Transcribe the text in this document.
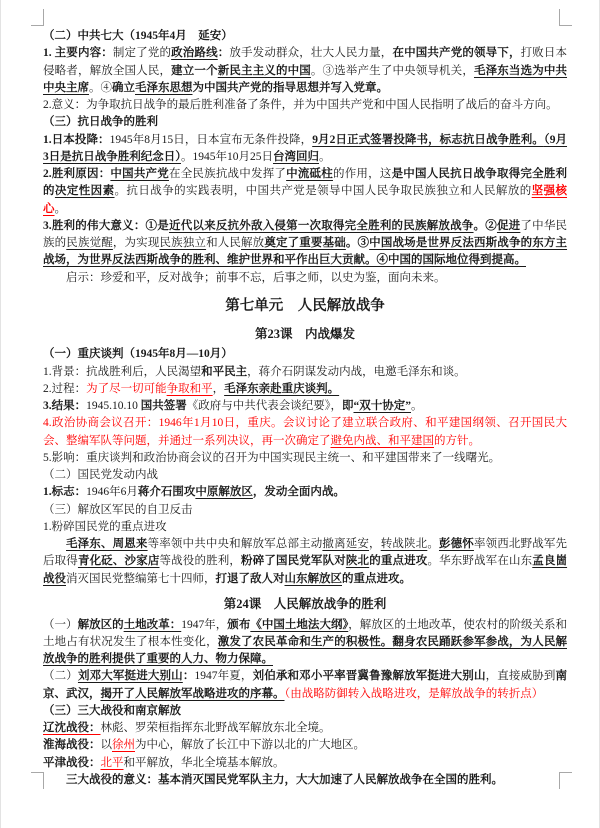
（二）中共七大（1945年4月　延安）
1. 主要内容：制定了党的政治路线：放手发动群众，壮大人民力量，在中国共产党的领导下，打败日本侵略者，解放全国人民，建立一个新民主主义的中国。③选举产生了中央领导机关，毛泽东当选为中共中央主席。④确立毛泽东思想为中国共产党的指导思想并写入党章。
2.意义：为争取抗日战争的最后胜利准备了条件，并为中国共产党和中国人民指明了战后的奋斗方向。
（三）抗日战争的胜利
1.日本投降：1945年8月15日，日本宣布无条件投降，9月2日正式签署投降书，标志抗日战争胜利。（9月3日是抗日战争胜利纪念日）。1945年10月25日台湾回归。
2.胜利原因：中国共产党在全民族抗战中发挥了中流砥柱的作用，这是中国人民抗日战争取得完全胜利的决定性因素。抗日战争的实践表明，中国共产党是领导中国人民争取民族独立和人民解放的坚强核心。
3.胜利的伟大意义：①是近代以来反抗外敌入侵第一次取得完全胜利的民族解放战争。②促进了中华民族的民族觉醒，为实现民族独立和人民解放奠定了重要基础。③中国战场是世界反法西斯战争的东方主战场，为世界反法西斯战争的胜利、维护世界和平作出巨大贡献。④中国的国际地位得到提高。
启示：珍爱和平，反对战争；前事不忘，后事之师，以史为鉴，面向未来。
第七单元　人民解放战争
第23课　内战爆发
（一）重庆谈判（1945年8月—10月）
1.背景：抗战胜利后，人民渴望和平民主，蒋介石阴谋发动内战，电邀毛泽东和谈。
2.过程：为了尽一切可能争取和平，毛泽东亲赴重庆谈判。
3.结果：1945.10.10 国共签署《政府与中共代表会谈纪要》，即“双十协定”。
4.政治协商会议召开：1946年1月10日，重庆。会议讨论了建立联合政府、和平建国纲领、召开国民大会、整编军队等问题，并通过一系列决议，再一次确定了避免内战、和平建国的方针。
5.影响：重庆谈判和政治协商会议的召开为中国实现民主统一、和平建国带来了一线曙光。
（二）国民党发动内战
1.标志：1946年6月蒋介石围攻中原解放区，发动全面内战。
（三）解放区军民的自卫反击
1.粉碎国民党的重点进攻
毛泽东、周恩来等率领中共中央和解放军总部主动撤离延安，转战陕北。彭德怀率领西北野战军先后取得青化砭、沙家店等战役的胜利，粉碎了国民党军队对陕北的重点进攻。华东野战军在山东孟良崮战役消灭国民党整编第七十四师，打退了敌人对山东解放区的重点进攻。
第24课　人民解放战争的胜利
（一）解放区的土地改革：1947年，颁布《中国土地法大纲》，解放区的土地改革，使农村的阶级关系和土地占有状况发生了根本性变化，激发了农民革命和生产的积极性。翻身农民踊跃参军参战，为人民解放战争的胜利提供了重要的人力、物力保障。
（二）刘邓大军挺进大别山：1947年夏，刘伯承和邓小平率晋冀鲁豫解放军挺进大别山，直接威胁到南京、武汉，揭开了人民解放军战略进攻的序幕。（由战略防御转入战略进攻，是解放战争的转折点）
（三）三大战役和南京解放
辽沈战役：林彪、罗荣桓指挥东北野战军解放东北全境。
淮海战役：以徐州为中心，解放了长江中下游以北的广大地区。
平津战役：北平和平解放，华北全境基本解放。
三大战役的意义：基本消灭国民党军队主力，大大加速了人民解放战争在全国的胜利。
